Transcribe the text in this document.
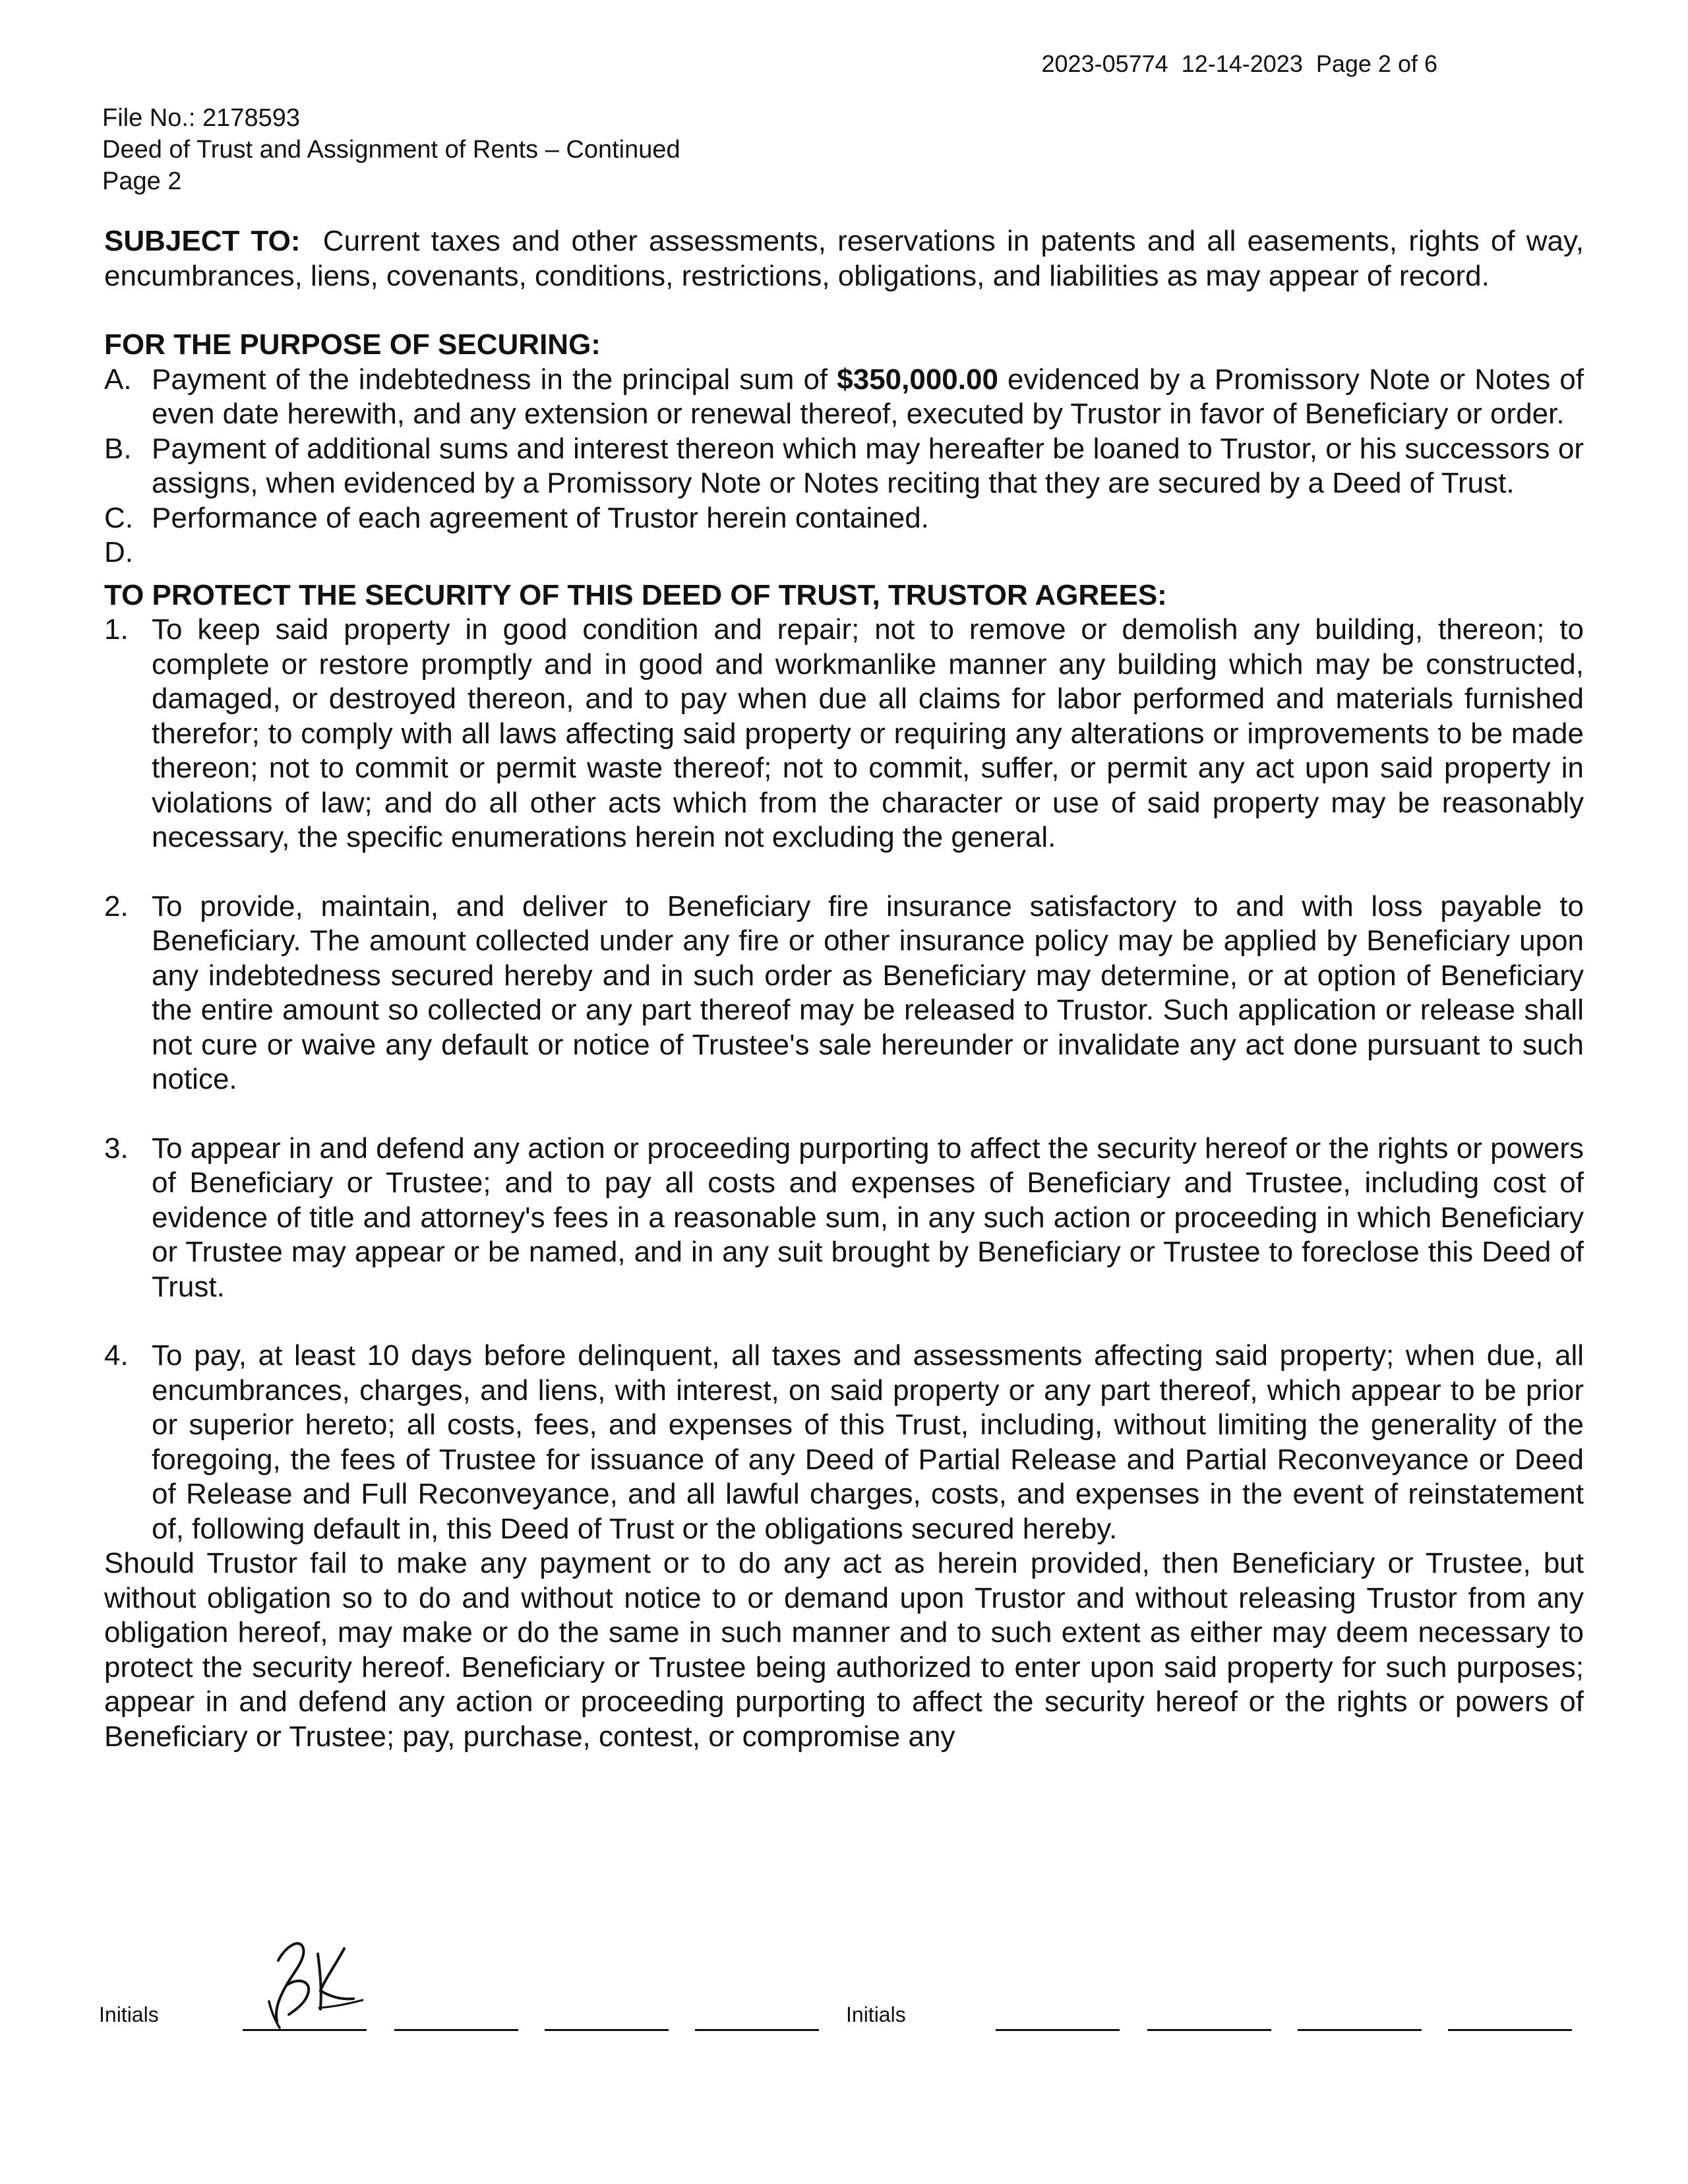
2023-05774  12-14-2023  Page 2 of 6
File No.: 2178593
Deed of Trust and Assignment of Rents – Continued
Page 2

SUBJECT TO: Current taxes and other assessments, reservations in patents and all easements, rights of way, encumbrances, liens, covenants, conditions, restrictions, obligations, and liabilities as may appear of record.

FOR THE PURPOSE OF SECURING:

A. Payment of the indebtedness in the principal sum of $350,000.00 evidenced by a Promissory Note or Notes of even date herewith, and any extension or renewal thereof, executed by Trustor in favor of Beneficiary or order.
B. Payment of additional sums and interest thereon which may hereafter be loaned to Trustor, or his successors or assigns, when evidenced by a Promissory Note or Notes reciting that they are secured by a Deed of Trust.
C. Performance of each agreement of Trustor herein contained.
D.

TO PROTECT THE SECURITY OF THIS DEED OF TRUST, TRUSTOR AGREES:

1. To keep said property in good condition and repair; not to remove or demolish any building, thereon; to complete or restore promptly and in good and workmanlike manner any building which may be constructed, damaged, or destroyed thereon, and to pay when due all claims for labor performed and materials furnished therefor; to comply with all laws affecting said property or requiring any alterations or improvements to be made thereon; not to commit or permit waste thereof; not to commit, suffer, or permit any act upon said property in violations of law; and do all other acts which from the character or use of said property may be reasonably necessary, the specific enumerations herein not excluding the general.
2. To provide, maintain, and deliver to Beneficiary fire insurance satisfactory to and with loss payable to Beneficiary. The amount collected under any fire or other insurance policy may be applied by Beneficiary upon any indebtedness secured hereby and in such order as Beneficiary may determine, or at option of Beneficiary the entire amount so collected or any part thereof may be released to Trustor. Such application or release shall not cure or waive any default or notice of Trustee's sale hereunder or invalidate any act done pursuant to such notice.
3. To appear in and defend any action or proceeding purporting to affect the security hereof or the rights or powers of Beneficiary or Trustee; and to pay all costs and expenses of Beneficiary and Trustee, including cost of evidence of title and attorney's fees in a reasonable sum, in any such action or proceeding in which Beneficiary or Trustee may appear or be named, and in any suit brought by Beneficiary or Trustee to foreclose this Deed of Trust.
4. To pay, at least 10 days before delinquent, all taxes and assessments affecting said property; when due, all encumbrances, charges, and liens, with interest, on said property or any part thereof, which appear to be prior or superior hereto; all costs, fees, and expenses of this Trust, including, without limiting the generality of the foregoing, the fees of Trustee for issuance of any Deed of Partial Release and Partial Reconveyance or Deed of Release and Full Reconveyance, and all lawful charges, costs, and expenses in the event of reinstatement of, following default in, this Deed of Trust or the obligations secured hereby.

Should Trustor fail to make any payment or to do any act as herein provided, then Beneficiary or Trustee, but without obligation so to do and without notice to or demand upon Trustor and without releasing Trustor from any obligation hereof, may make or do the same in such manner and to such extent as either may deem necessary to protect the security hereof. Beneficiary or Trustee being authorized to enter upon said property for such purposes; appear in and defend any action or proceeding purporting to affect the security hereof or the rights or powers of Beneficiary or Trustee; pay, purchase, contest, or compromise any

Initials	Initials
